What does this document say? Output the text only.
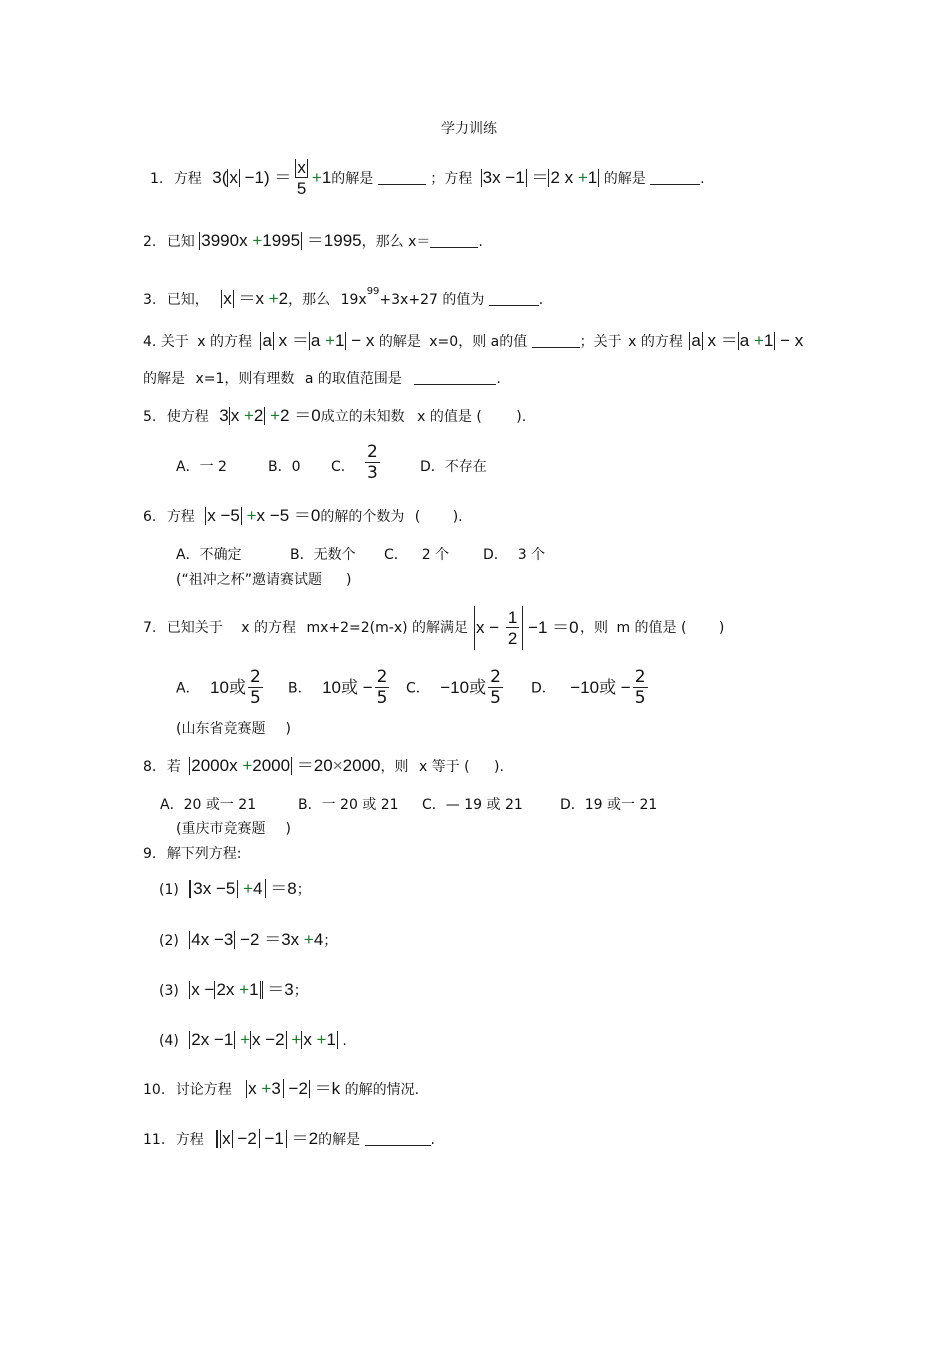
学力训练
1. 方程 3( $x -1) = \frac{x}{5} +1$的解是	；方程 3x −1 ＝ 2 x +1 的解是	.
2. 已知 3990x +1995 ＝1995，那么 x＝	.
3. 已知， x ＝x +2，那么 $19x^{99}+3x+27$ 的值为	.
4. 关于 x 的方程 a x ＝ a +1 − x 的解是 x=0，则 a的值	；关于 x 的方程 a x ＝ a +1 − x
的解是 x=1，则有理数 a 的取值范围是	.
5. 使方程 3 x +2 +2 ＝0成立的未知数 x 的值是 ( ).
A．一 2	B．0 C． $\frac{2}{3}$	D．不存在
6. 方程 x −5 +x −5 ＝0的解的个数为 ( ).
A．不确定	B．无数个 C． 2 个 D． 3 个
(“祖冲之杯”邀请赛试题 )
7. 已知关于 x 的方程 mx+2=2(m-x) 的解满足 $x - \frac{1}{2} -1 =0$ ，则 m 的值是 ( )
A． 10或 $\frac{2}{5}$ B． 10或 − $\frac{2}{5}$ C． −10或 $\frac{2}{5}$ D． −10或 − $\frac{2}{5}$
(山东省竞赛题 )
8. 若 2000x +2000 ＝20×2000，则 x 等于 ( ).
A．20 或一 21	B．一 20 或 21 C．— 19 或 21	D．19 或一 21
(重庆市竞赛题 )
9. 解下列方程:
(1) 3x −5 +4 ＝8；
(2) 4x −3 −2 ＝3x +4；
(3) x − 2x +1 ＝3；
(4) 2x −1 + x −2 + x +1 .
10. 讨论方程 x +3 −2 ＝k 的解的情况.
11. 方程 x −2 −1 ＝2的解是	.
